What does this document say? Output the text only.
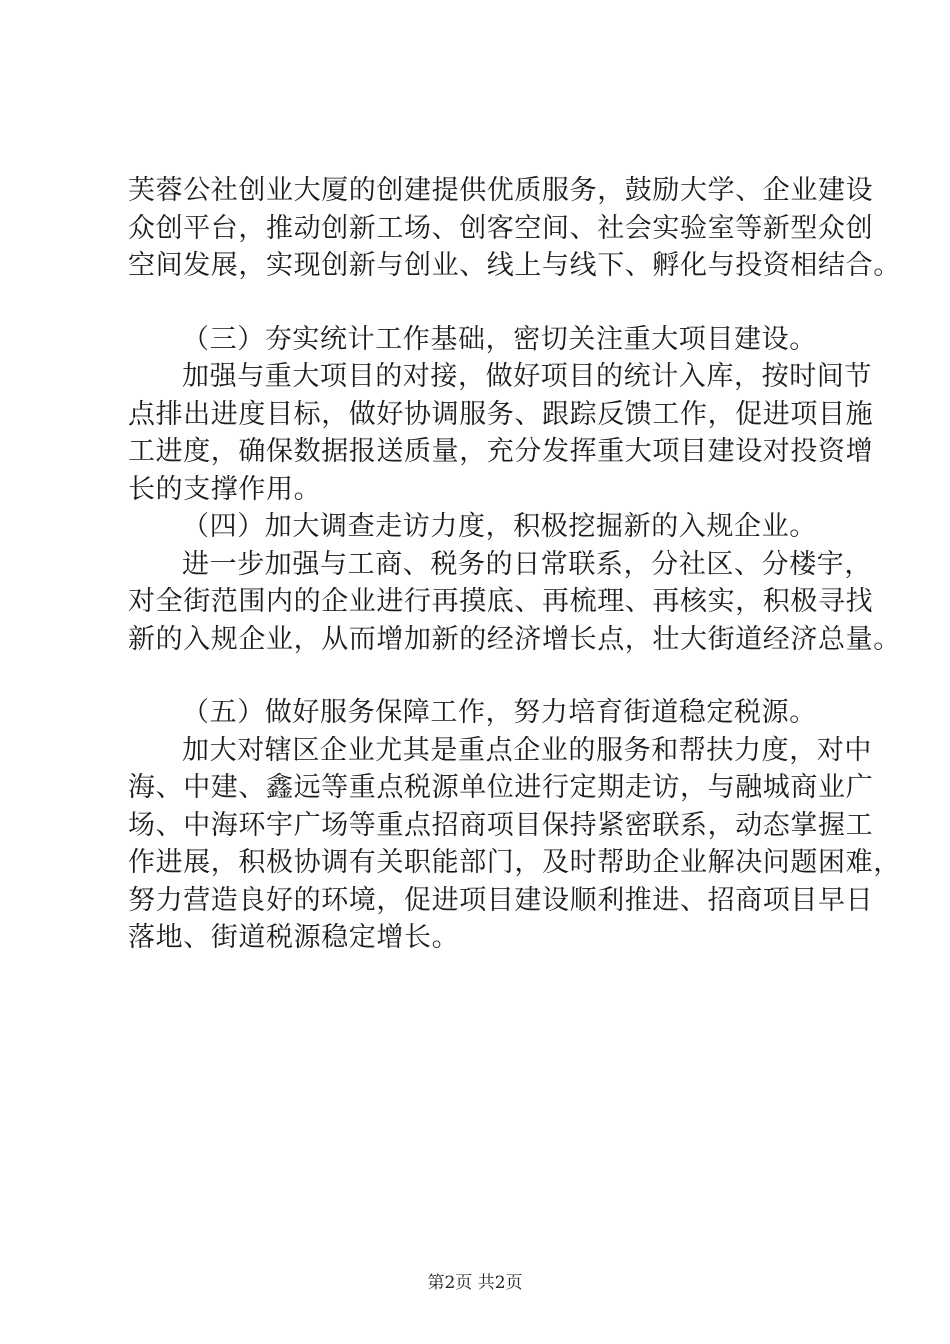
芙蓉公社创业大厦的创建提供优质服务，鼓励大学、企业建设
众创平台，推动创新工场、创客空间、社会实验室等新型众创
空间发展，实现创新与创业、线上与线下、孵化与投资相结合。
（三）夯实统计工作基础，密切关注重大项目建设。
加强与重大项目的对接，做好项目的统计入库，按时间节
点排出进度目标，做好协调服务、跟踪反馈工作，促进项目施
工进度，确保数据报送质量，充分发挥重大项目建设对投资增
长的支撑作用。
（四）加大调查走访力度，积极挖掘新的入规企业。
进一步加强与工商、税务的日常联系，分社区、分楼宇，
对全街范围内的企业进行再摸底、再梳理、再核实，积极寻找
新的入规企业，从而增加新的经济增长点，壮大街道经济总量。
（五）做好服务保障工作，努力培育街道稳定税源。
加大对辖区企业尤其是重点企业的服务和帮扶力度，对中
海、中建、鑫远等重点税源单位进行定期走访，与融城商业广
场、中海环宇广场等重点招商项目保持紧密联系，动态掌握工
作进展，积极协调有关职能部门，及时帮助企业解决问题困难，
努力营造良好的环境，促进项目建设顺利推进、招商项目早日
落地、街道税源稳定增长。
第2页 共2页
